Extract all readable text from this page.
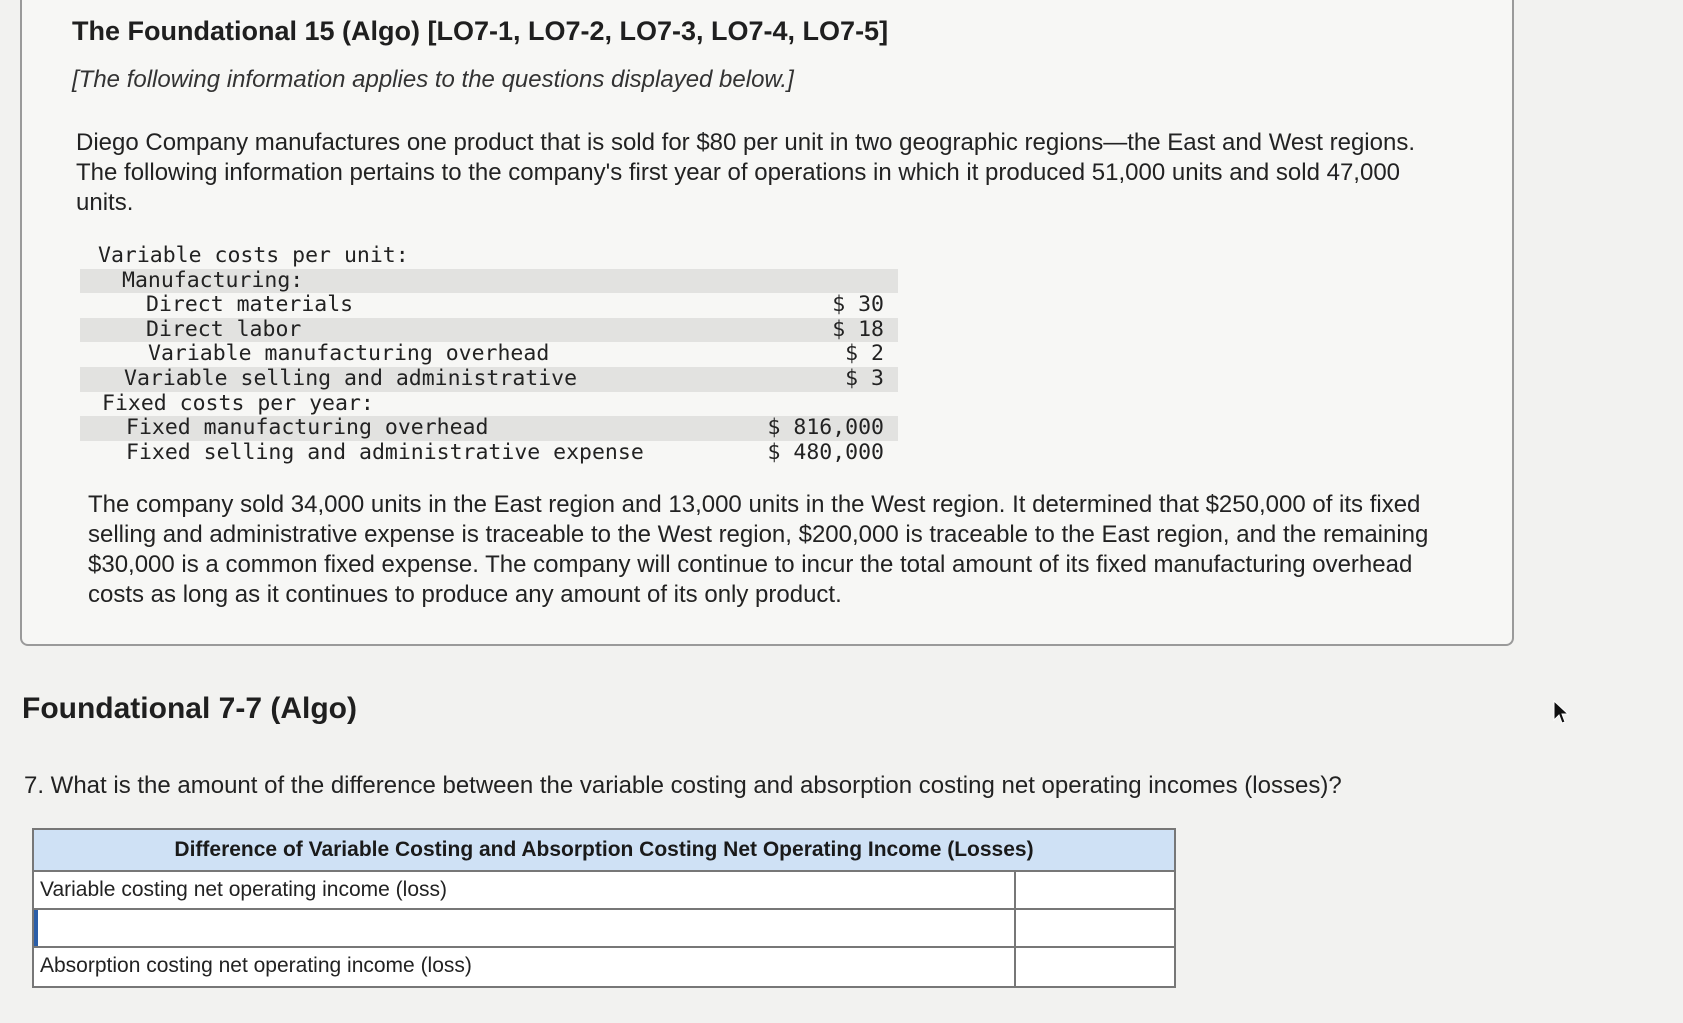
The Foundational 15 (Algo) [LO7-1, LO7-2, LO7-3, LO7-4, LO7-5]
[The following information applies to the questions displayed below.]
Diego Company manufactures one product that is sold for $80 per unit in two geographic regions—the East and West regions. The following information pertains to the company's first year of operations in which it produced 51,000 units and sold 47,000 units.
Variable costs per unit:
Manufacturing:
Direct materials	$ 30
Direct labor	$ 18
Variable manufacturing overhead	$ 2
Variable selling and administrative	$ 3
Fixed costs per year:
Fixed manufacturing overhead	$ 816,000
Fixed selling and administrative expense	$ 480,000
The company sold 34,000 units in the East region and 13,000 units in the West region. It determined that $250,000 of its fixed selling and administrative expense is traceable to the West region, $200,000 is traceable to the East region, and the remaining $30,000 is a common fixed expense. The company will continue to incur the total amount of its fixed manufacturing overhead costs as long as it continues to produce any amount of its only product.
Foundational 7-7 (Algo)
7. What is the amount of the difference between the variable costing and absorption costing net operating incomes (losses)?
Difference of Variable Costing and Absorption Costing Net Operating Income (Losses)
Variable costing net operating income (loss)
Absorption costing net operating income (loss)
